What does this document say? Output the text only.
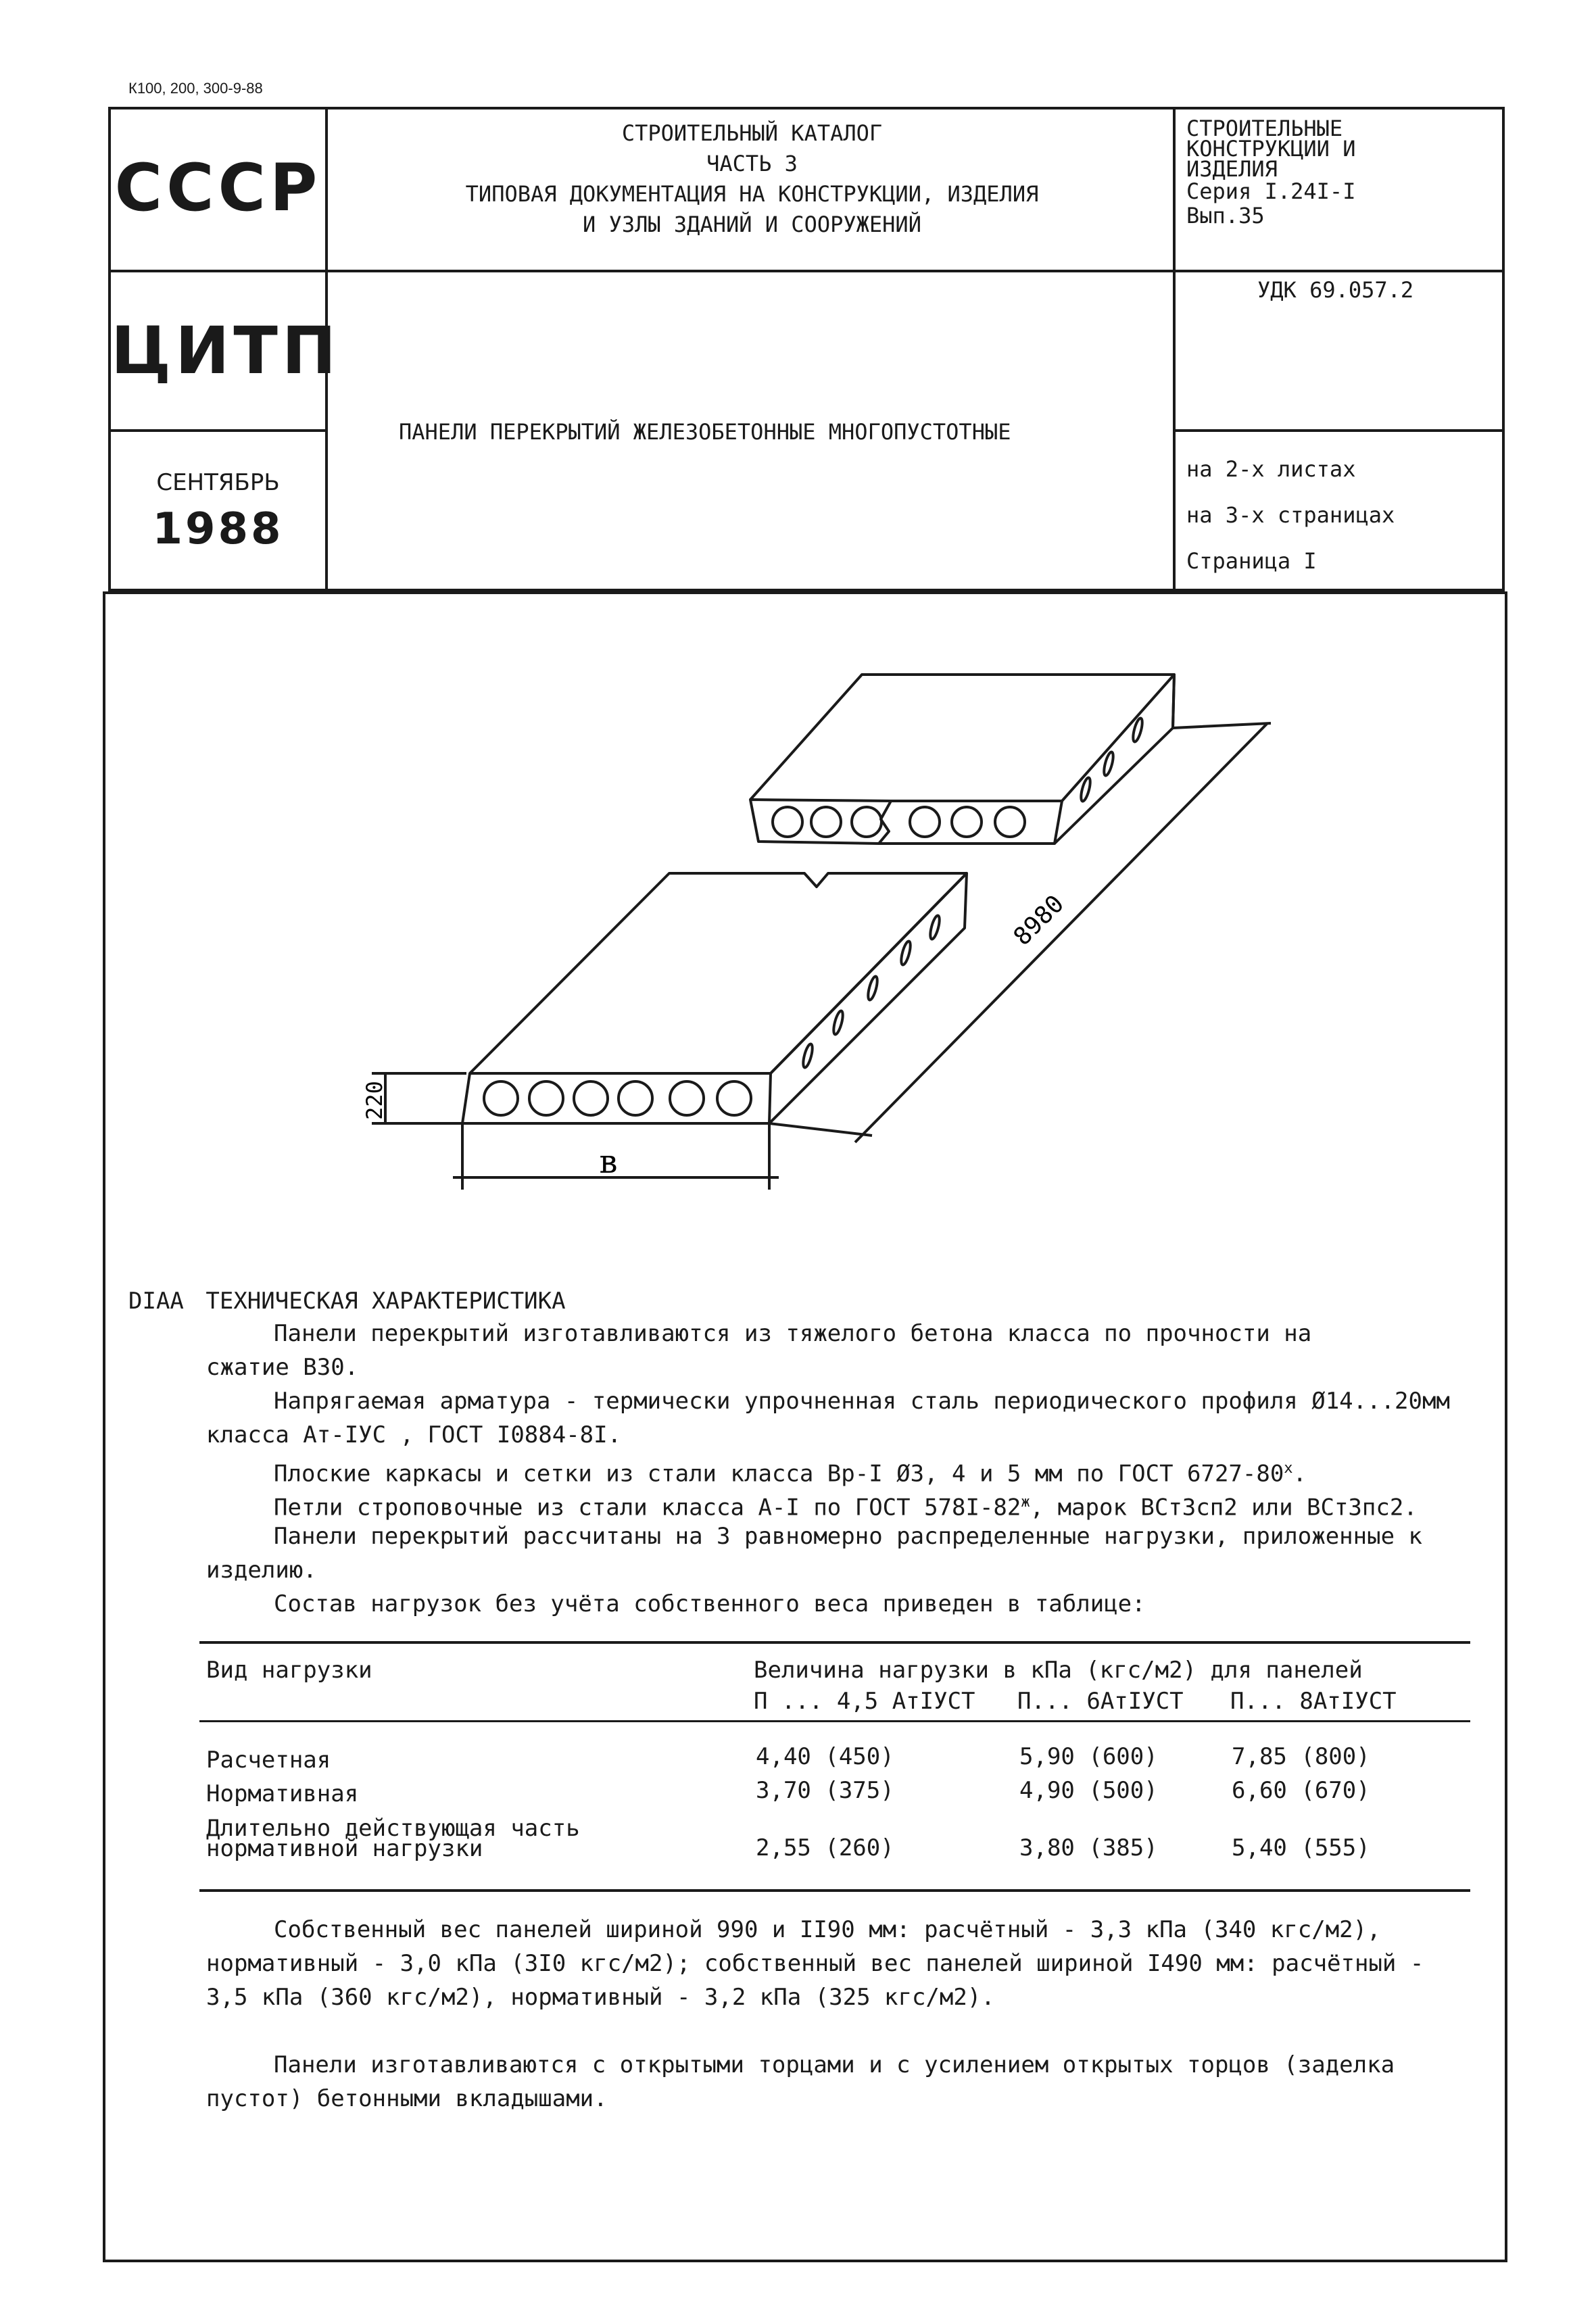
К100, 200, 300-9-88
СССР
ЦИТП
СЕНТЯБРЬ
1988
СТРОИТЕЛЬНЫЙ КАТАЛОГ
ЧАСТЬ 3
ТИПОВАЯ ДОКУМЕНТАЦИЯ НА КОНСТРУКЦИИ, ИЗДЕЛИЯ
И УЗЛЫ ЗДАНИЙ И СООРУЖЕНИЙ
СТРОИТЕЛЬНЫЕ
КОНСТРУКЦИИ И
ИЗДЕЛИЯ
Серия I.24I-I
Вып.35
УДК 69.057.2
ПАНЕЛИ ПЕРЕКРЫТИЙ ЖЕЛЕЗОБЕТОННЫЕ МНОГОПУСТОТНЫЕ
на 2-х листах
на 3-х страницах
Страница I
220
в
8980
DIAA ТЕХНИЧЕСКАЯ ХАРАКТЕРИСТИКА
Панели перекрытий изготавливаются из тяжелого бетона класса по прочности на
сжатие В30.
Напрягаемая арматура - термически упрочненная сталь периодического профиля Ø14...20мм
класса Ат-IУС , ГОСТ I0884-8I.
Плоские каркасы и сетки из стали класса Вр-I Ø3, 4 и 5 мм по ГОСТ $6727-80^х$.
Петли строповочные из стали класса А-I по ГОСТ $578I-82^ж$, марок ВСт3сп2 или ВСт3пс2.
Панели перекрытий рассчитаны на 3 равномерно распределенные нагрузки, приложенные к
изделию.
Состав нагрузок без учёта собственного веса приведен в таблице:
Вид нагрузки	Величина нагрузки в кПа (кгс/м2) для панелей
П ... 4,5 АтIУСТ П... 6АтIУСТ П... 8АтIУСТ
Расчетная	4,40 (450)	5,90 (600)	7,85 (800)
Нормативная	3,70 (375)	4,90 (500)	6,60 (670)
Длительно действующая часть
нормативной нагрузки	2,55 (260)	3,80 (385)	5,40 (555)
Собственный вес панелей шириной 990 и II90 мм: расчётный - 3,3 кПа (340 кгс/м2),
нормативный - 3,0 кПа (3I0 кгс/м2); собственный вес панелей шириной I490 мм: расчётный -
3,5 кПа (360 кгс/м2), нормативный - 3,2 кПа (325 кгс/м2).
Панели изготавливаются с открытыми торцами и с усилением открытых торцов (заделка
пустот) бетонными вкладышами.
